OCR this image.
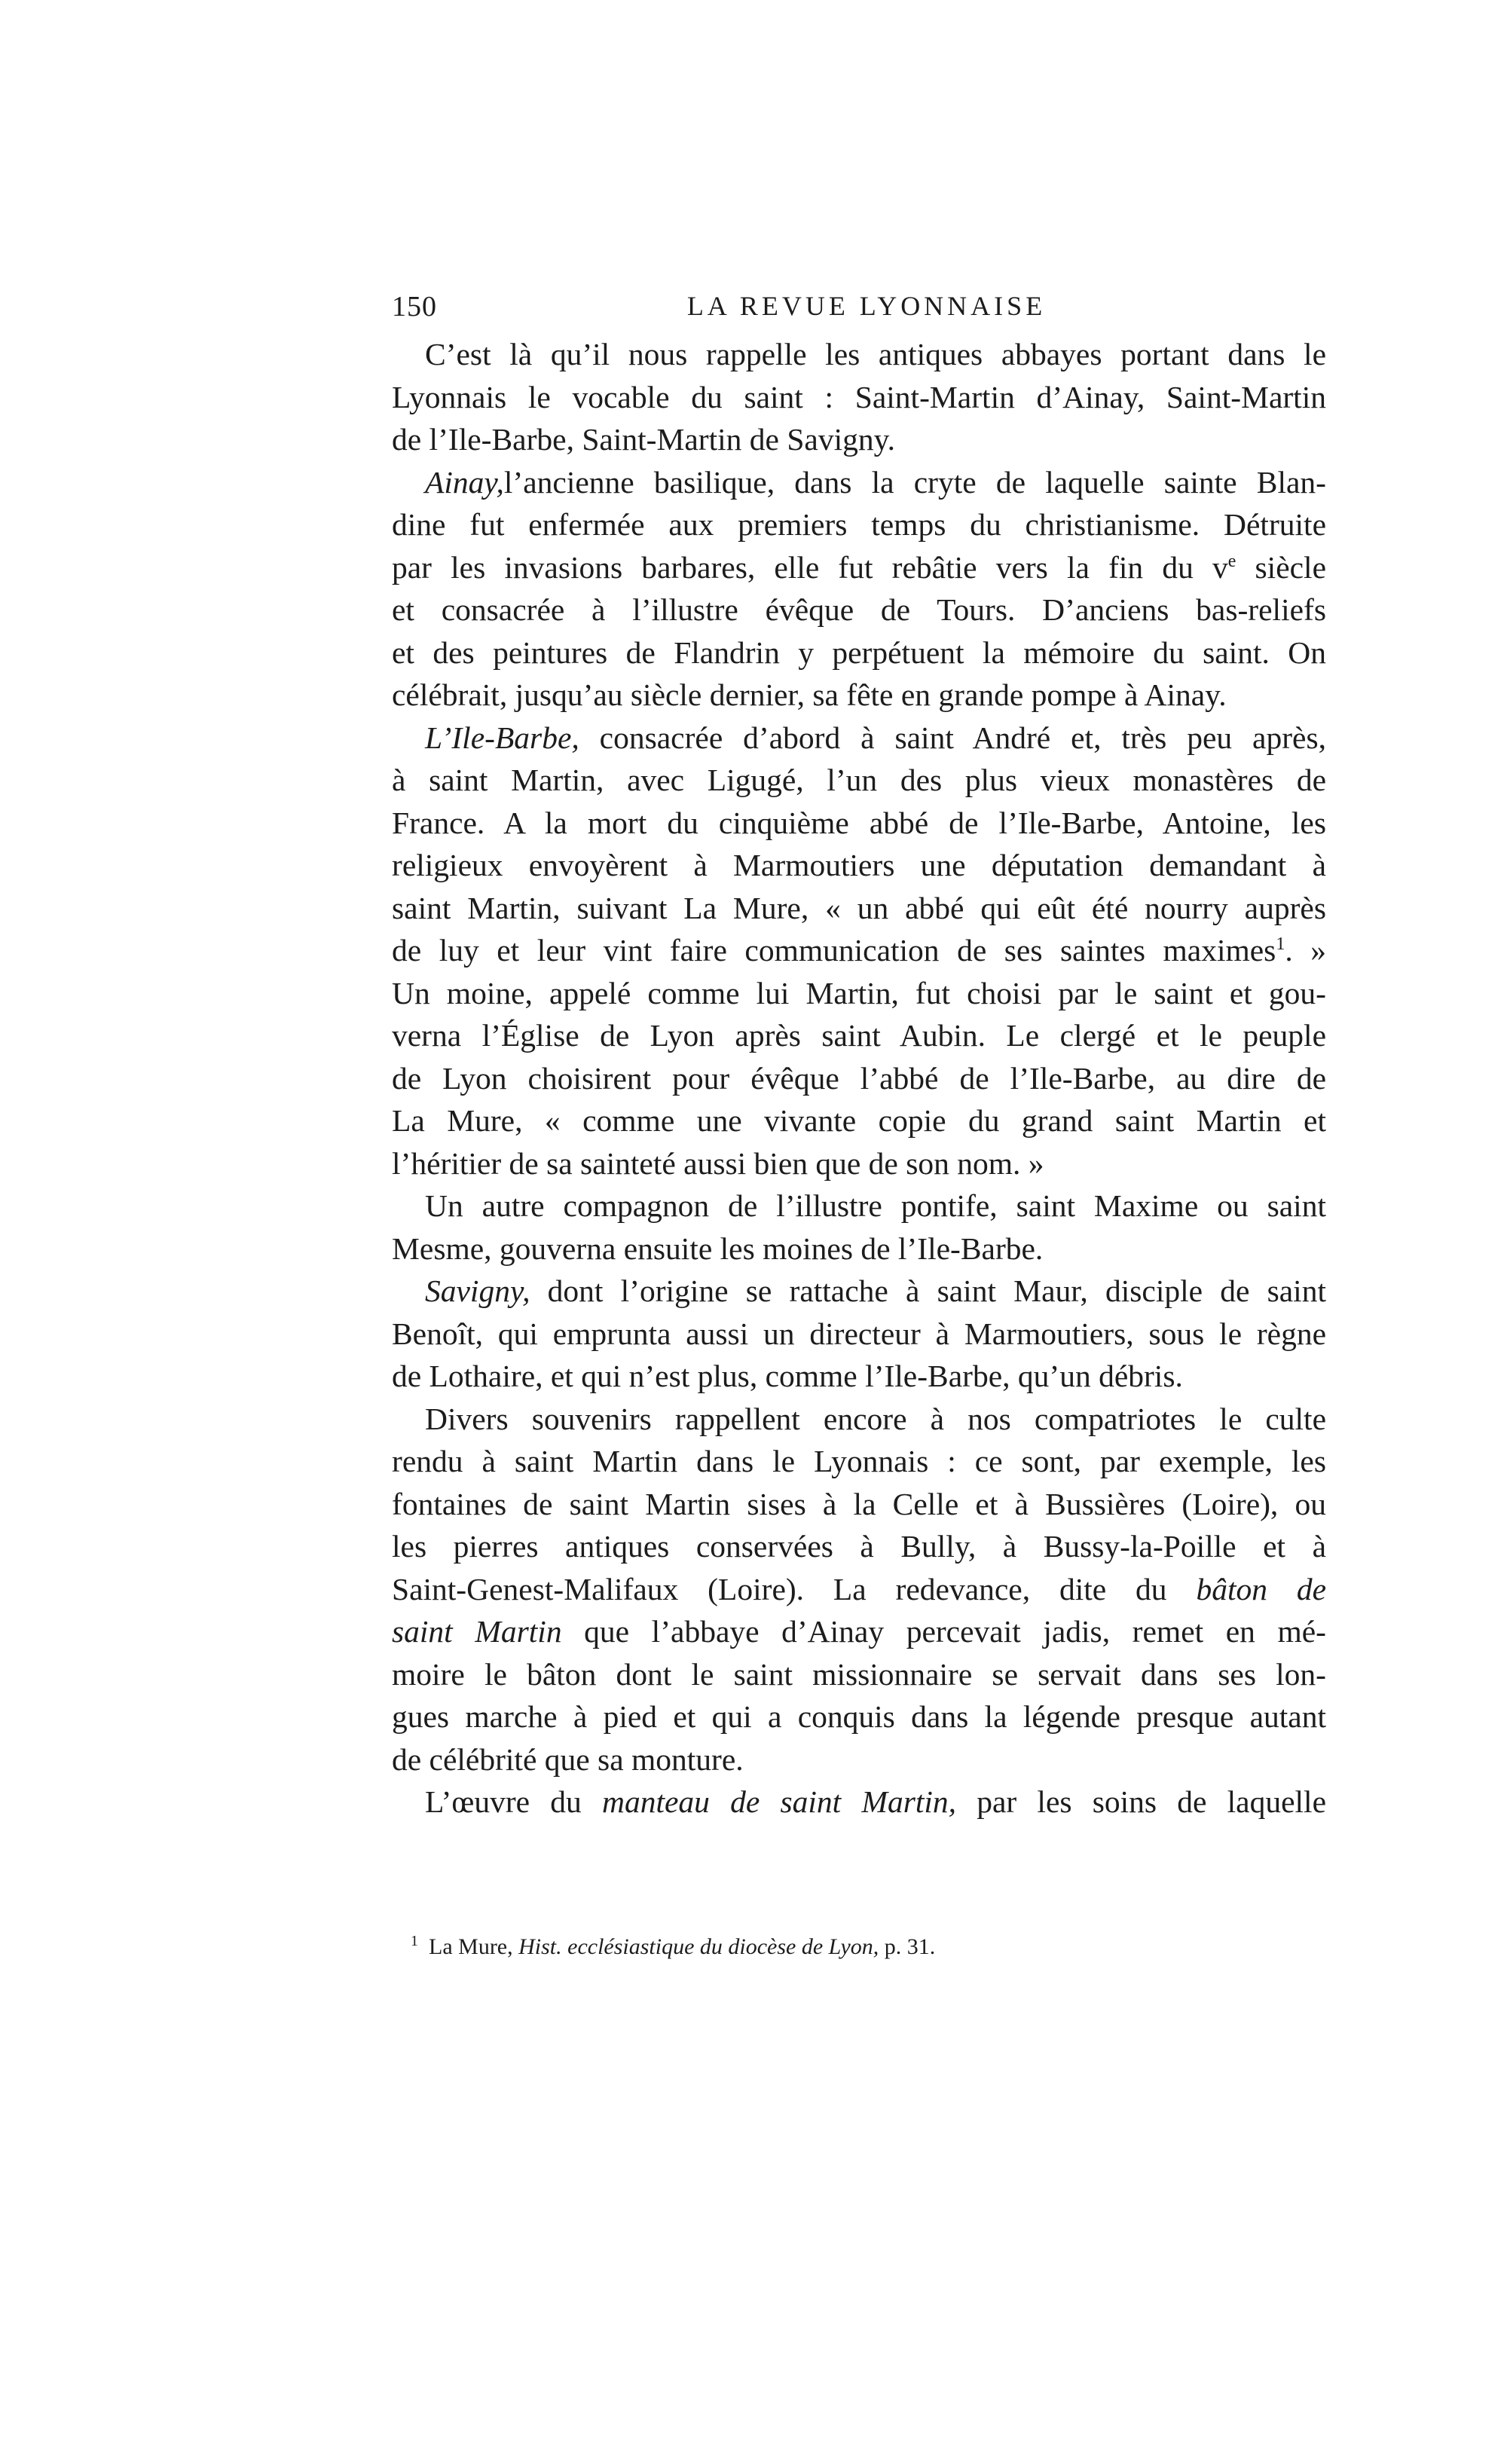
150	LA REVUE LYONNAISE

C’est là qu’il nous rappelle les antiques abbayes portant dans le
Lyonnais le vocable du saint : Saint-Martin d’Ainay, Saint-Martin
de l’Ile-Barbe, Saint-Martin de Savigny.

Ainay,l’ancienne basilique, dans la cryte de laquelle sainte Blan-
dine fut enfermée aux premiers temps du christianisme. Détruite
par les invasions barbares, elle fut rebâtie vers la fin du $v^e$ siècle
et consacrée à l’illustre évêque de Tours. D’anciens bas-reliefs
et des peintures de Flandrin y perpétuent la mémoire du saint. On
célébrait, jusqu’au siècle dernier, sa fête en grande pompe à Ainay.

L’Ile-Barbe, consacrée d’abord à saint André et, très peu après,
à saint Martin, avec Ligugé, l’un des plus vieux monastères de
France. A la mort du cinquième abbé de l’Ile-Barbe, Antoine, les
religieux envoyèrent à Marmoutiers une députation demandant à
saint Martin, suivant La Mure, « un abbé qui eût été nourry auprès
de luy et leur vint faire communication de ses saintes maximes$^1$. »
Un moine, appelé comme lui Martin, fut choisi par le saint et gou-
verna l’Église de Lyon après saint Aubin. Le clergé et le peuple
de Lyon choisirent pour évêque l’abbé de l’Ile-Barbe, au dire de
La Mure, « comme une vivante copie du grand saint Martin et
l’héritier de sa sainteté aussi bien que de son nom. »

Un autre compagnon de l’illustre pontife, saint Maxime ou saint
Mesme, gouverna ensuite les moines de l’Ile-Barbe.

Savigny, dont l’origine se rattache à saint Maur, disciple de saint
Benoît, qui emprunta aussi un directeur à Marmoutiers, sous le règne
de Lothaire, et qui n’est plus, comme l’Ile-Barbe, qu’un débris.

Divers souvenirs rappellent encore à nos compatriotes le culte
rendu à saint Martin dans le Lyonnais : ce sont, par exemple, les
fontaines de saint Martin sises à la Celle et à Bussières (Loire), ou
les pierres antiques conservées à Bully, à Bussy-la-Poille et à
Saint-Genest-Malifaux (Loire). La redevance, dite du bâton de
saint Martin que l’abbaye d’Ainay percevait jadis, remet en mé-
moire le bâton dont le saint missionnaire se servait dans ses lon-
gues marche à pied et qui a conquis dans la légende presque autant
de célébrité que sa monture.

L’œuvre du manteau de saint Martin, par les soins de laquelle

$^1$ La Mure, Hist. ecclésiastique du diocèse de Lyon, p. 31.
